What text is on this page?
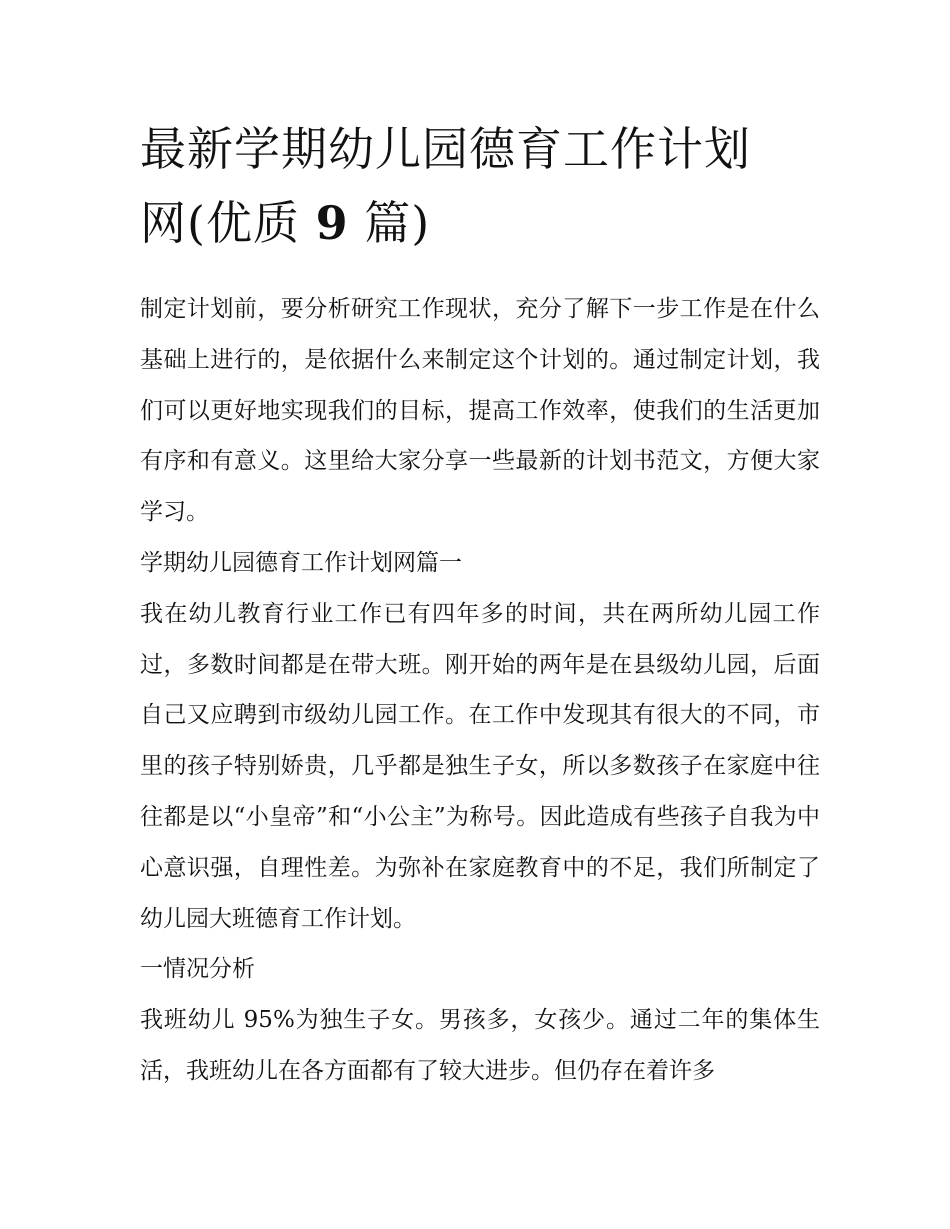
最新学期幼儿园德育工作计划
网(优质 9 篇)

制定计划前，要分析研究工作现状，充分了解下一步工作是在什么基础上进行的，是依据什么来制定这个计划的。通过制定计划，我们可以更好地实现我们的目标，提高工作效率，使我们的生活更加有序和有意义。这里给大家分享一些最新的计划书范文，方便大家学习。

学期幼儿园德育工作计划网篇一

我在幼儿教育行业工作已有四年多的时间，共在两所幼儿园工作过，多数时间都是在带大班。刚开始的两年是在县级幼儿园，后面自己又应聘到市级幼儿园工作。在工作中发现其有很大的不同，市里的孩子特别娇贵，几乎都是独生子女，所以多数孩子在家庭中往往都是以“小皇帝”和“小公主”为称号。因此造成有些孩子自我为中心意识强，自理性差。为弥补在家庭教育中的不足，我们所制定了幼儿园大班德育工作计划。

一情况分析

我班幼儿 95%为独生子女。男孩多，女孩少。通过二年的集体生活，我班幼儿在各方面都有了较大进步。但仍存在着许多
